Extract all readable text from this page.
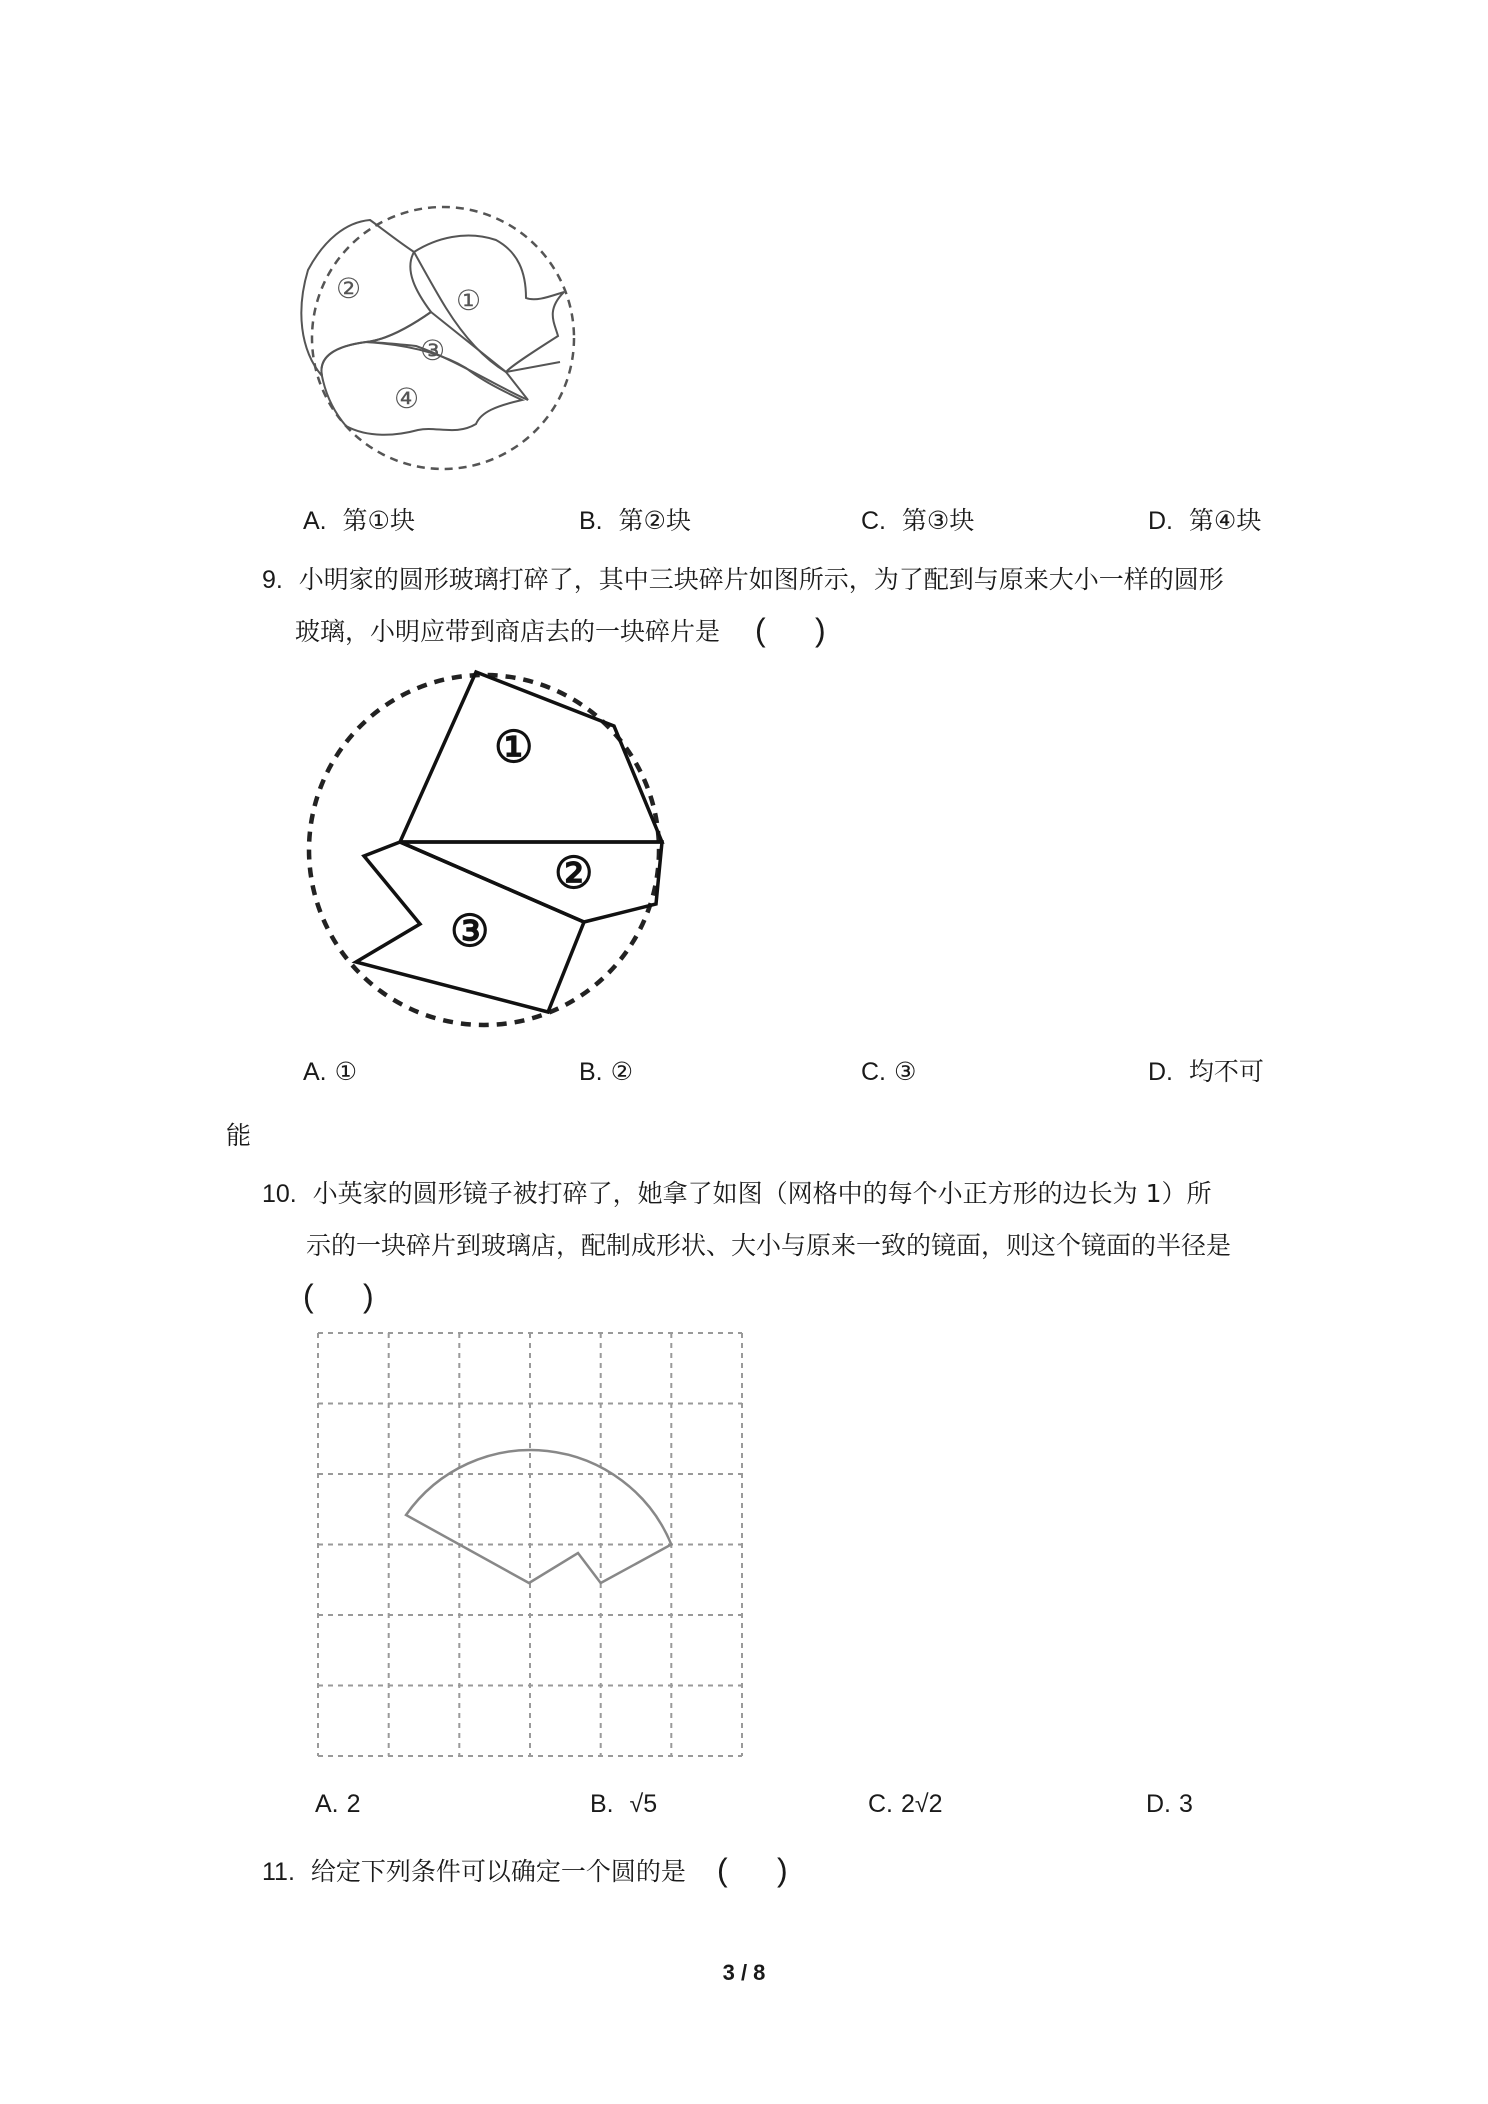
②	①
③
④
A. 第①块	B. 第②块	C. 第③块	D. 第④块
9. 小明家的圆形玻璃打碎了，其中三块碎片如图所示，为了配到与原来大小一样的圆形
玻璃，小明应带到商店去的一块碎片是 ( )
①
②
③
A. ①	B. ②	C. ③	D. 均不可
能
10. 小英家的圆形镜子被打碎了，她拿了如图（网格中的每个小正方形的边长为 1）所
示的一块碎片到玻璃店，配制成形状、大小与原来一致的镜面，则这个镜面的半径是
( )
A. 2	B. √5	C. 2√2	D. 3
11. 给定下列条件可以确定一个圆的是 ( )
3 / 8
